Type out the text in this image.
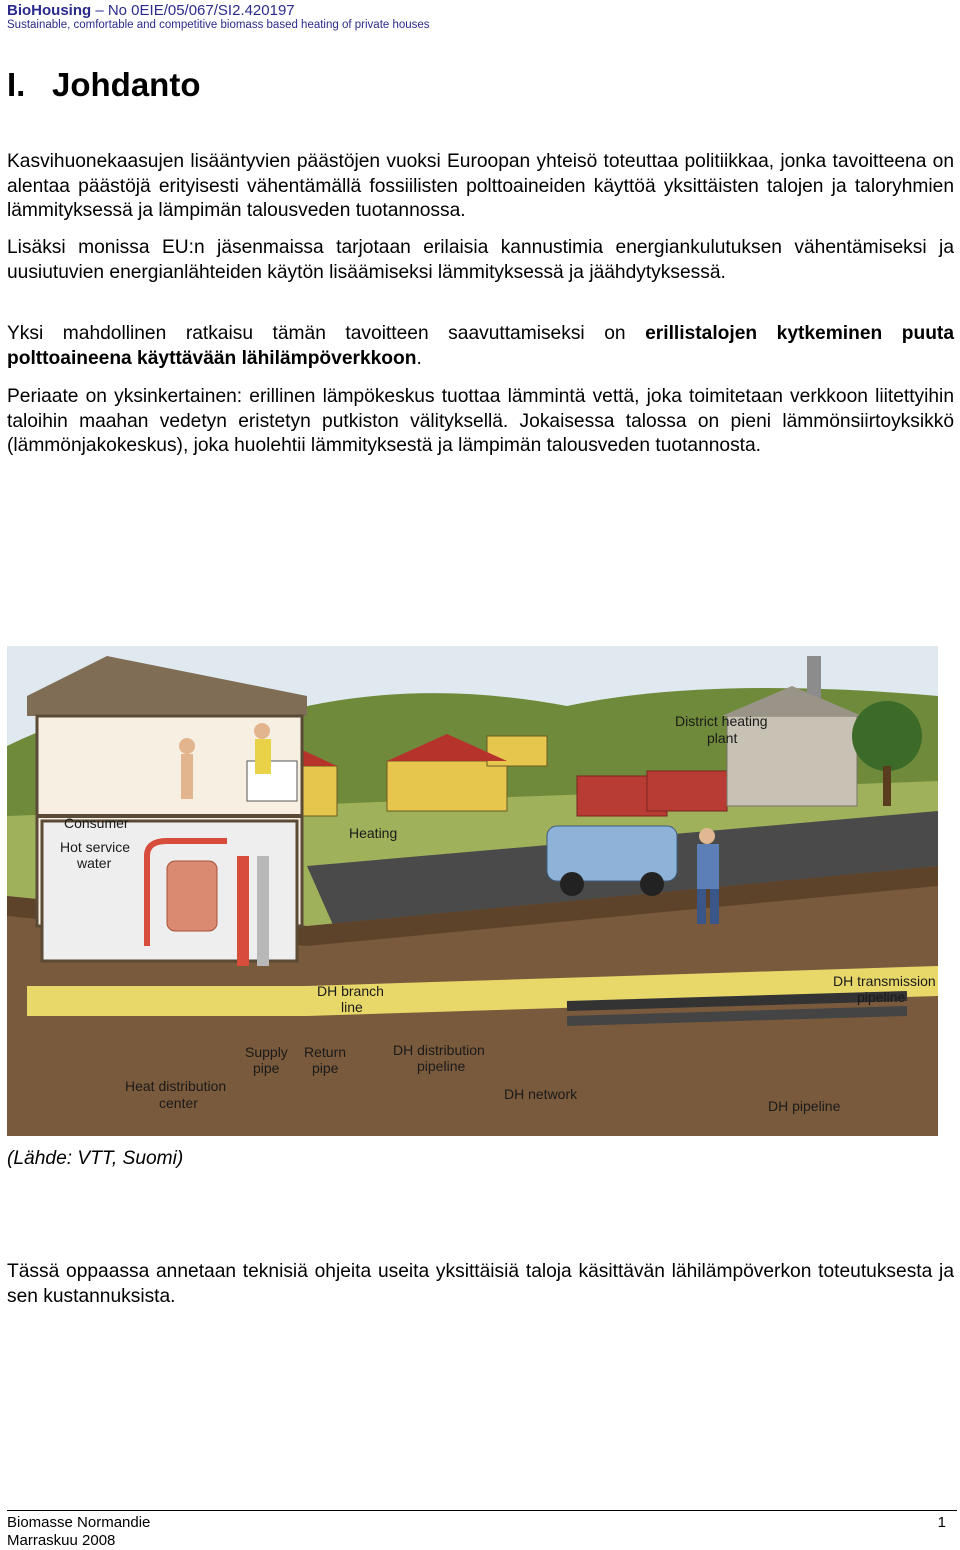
BioHousing – No 0EIE/05/067/SI2.420197
Sustainable, comfortable and competitive biomass based heating of private houses
I. Johdanto
Kasvihuonekaasujen lisääntyvien päästöjen vuoksi Euroopan yhteisö toteuttaa politiikkaa, jonka tavoitteena on alentaa päästöjä erityisesti vähentämällä fossiilisten polttoaineiden käyttöä yksittäisten talojen ja taloryhmien lämmityksessä ja lämpimän talousveden tuotannossa.
Lisäksi monissa EU:n jäsenmaissa tarjotaan erilaisia kannustimia energiankulutuksen vähentämiseksi ja uusiutuvien energianlähteiden käytön lisäämiseksi lämmityksessä ja jäähdytyksessä.
Yksi mahdollinen ratkaisu tämän tavoitteen saavuttamiseksi on erillistalojen kytkeminen puuta polttoaineena käyttävään lähilämpöverkkoon.
Periaate on yksinkertainen: erillinen lämpökeskus tuottaa lämmintä vettä, joka toimitetaan verkkoon liitettyihin taloihin maahan vedetyn eristetyn putkiston välityksellä. Jokaisessa talossa on pieni lämmönsiirtoyksikkö (lämmönjakokeskus), joka huolehtii lämmityksestä ja lämpimän talousveden tuotannosta.
District heating
plant
Consumer
Hot service
water
Heating
DH transmission
pipeline
DH branch
line
Supply
pipe
Return
pipe
DH distribution
pipeline
Heat distribution
center
DH network
DH pipeline
(Lähde: VTT, Suomi)
Tässä oppaassa annetaan teknisiä ohjeita useita yksittäisiä taloja käsittävän lähilämpöverkon toteutuksesta ja sen kustannuksista.
Biomasse Normandie
Marraskuu 2008
1
